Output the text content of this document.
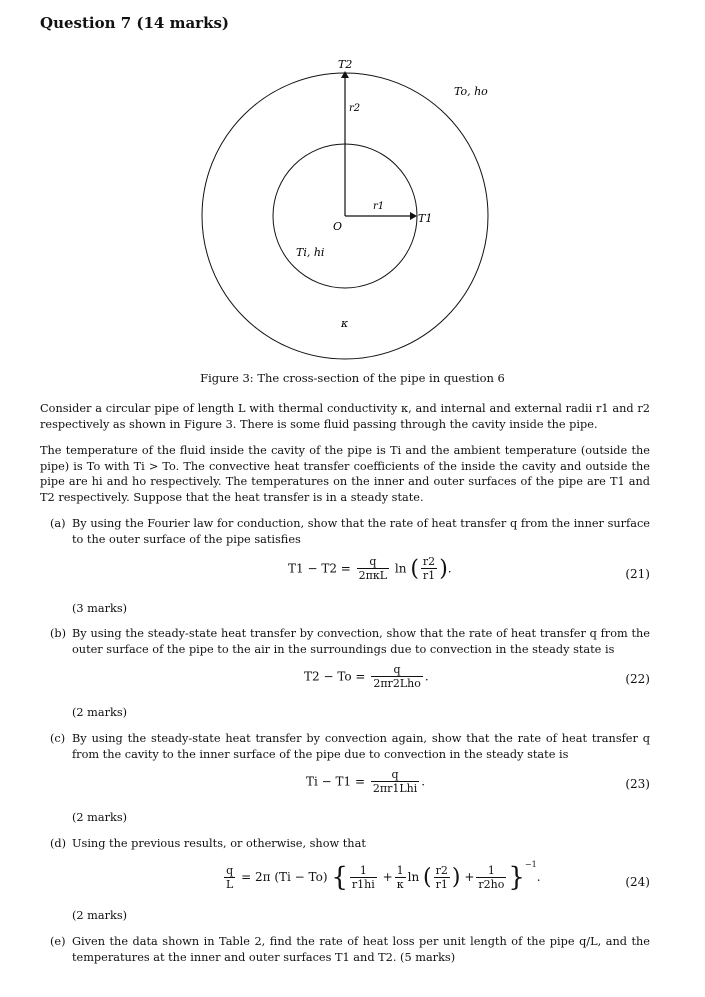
Question 7 (14 marks)
T2
r2
To, ho
r1
T1
O
Ti, hi
κ
Figure 3: The cross-section of the pipe in question 6
Consider a circular pipe of length L with thermal conductivity κ, and internal and external radii r1 and r2 respectively as shown in Figure 3. There is some fluid passing through the cavity inside the pipe.
The temperature of the fluid inside the cavity of the pipe is Ti and the ambient temperature (outside the pipe) is To with Ti > To. The convective heat transfer coefficients of the inside the cavity and outside the pipe are hi and ho respectively. The temperatures on the inner and outer surfaces of the pipe are T1 and T2 respectively. Suppose that the heat transfer is in a steady state.
(a) By using the Fourier law for conduction, show that the rate of heat transfer q from the inner surface to the outer surface of the pipe satisfies
$T1 - T2 = \frac{q}{\text{2πκL}}$ ln ( $\frac{r2}{r1}$ ).	(21)
(3 marks)
(b) By using the steady-state heat transfer by convection, show that the rate of heat transfer q from the outer surface of the pipe to the air in the surroundings due to convection in the steady state is
$T2 - To = \frac{q}{\text{2πr2Lho}}$ .	(22)
(2 marks)
(c) By using the steady-state heat transfer by convection again, show that the rate of heat transfer q from the cavity to the inner surface of the pipe due to convection in the steady state is
$Ti - T1 = \frac{q}{\text{2πr1Lhi}}$ .	(23)
(2 marks)
(d) Using the previous results, or otherwise, show that
$\frac{q}{L} = 2\pi$ (Ti − To) { $\frac{1}{r1hi} + \frac{1}{\kappa}$ ln ( $\frac{r2}{r1}$ ) + $\frac{1}{r2ho} \}^{-1}$.	(24)
(2 marks)
(e) Given the data shown in Table 2, find the rate of heat loss per unit length of the pipe q/L, and the temperatures at the inner and outer surfaces T1 and T2. (5 marks)
